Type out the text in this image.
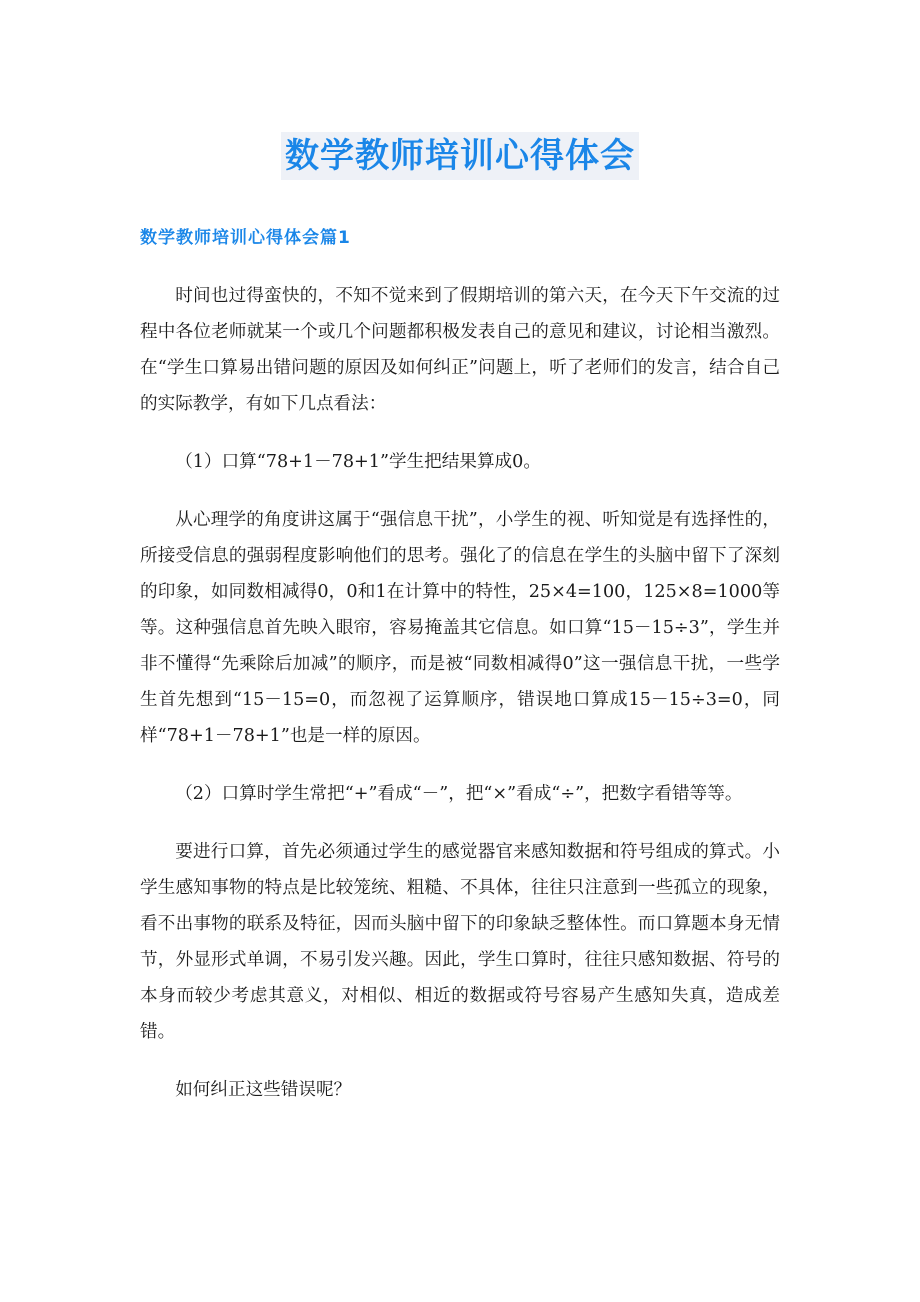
数学教师培训心得体会
数学教师培训心得体会篇1

时间也过得蛮快的，不知不觉来到了假期培训的第六天，在今天下午交流的过程中各位老师就某一个或几个问题都积极发表自己的意见和建议，讨论相当激烈。在“学生口算易出错问题的原因及如何纠正”问题上，听了老师们的发言，结合自己的实际教学，有如下几点看法：

（1）口算“78+1－78+1”学生把结果算成0。

从心理学的角度讲这属于“强信息干扰”，小学生的视、听知觉是有选择性的，所接受信息的强弱程度影响他们的思考。强化了的信息在学生的头脑中留下了深刻的印象，如同数相减得0，0和1在计算中的特性，25×4=100，125×8=1000等等。这种强信息首先映入眼帘，容易掩盖其它信息。如口算“15－15÷3”，学生并非不懂得“先乘除后加减”的顺序，而是被“同数相减得0”这一强信息干扰，一些学生首先想到“15－15=0，而忽视了运算顺序，错误地口算成15－15÷3=0，同样“78+1－78+1”也是一样的原因。

（2）口算时学生常把“+”看成“－”，把“×”看成“÷”，把数字看错等等。

要进行口算，首先必须通过学生的感觉器官来感知数据和符号组成的算式。小学生感知事物的特点是比较笼统、粗糙、不具体，往往只注意到一些孤立的现象，看不出事物的联系及特征，因而头脑中留下的印象缺乏整体性。而口算题本身无情节，外显形式单调，不易引发兴趣。因此，学生口算时，往往只感知数据、符号的本身而较少考虑其意义，对相似、相近的数据或符号容易产生感知失真，造成差错。

如何纠正这些错误呢？
